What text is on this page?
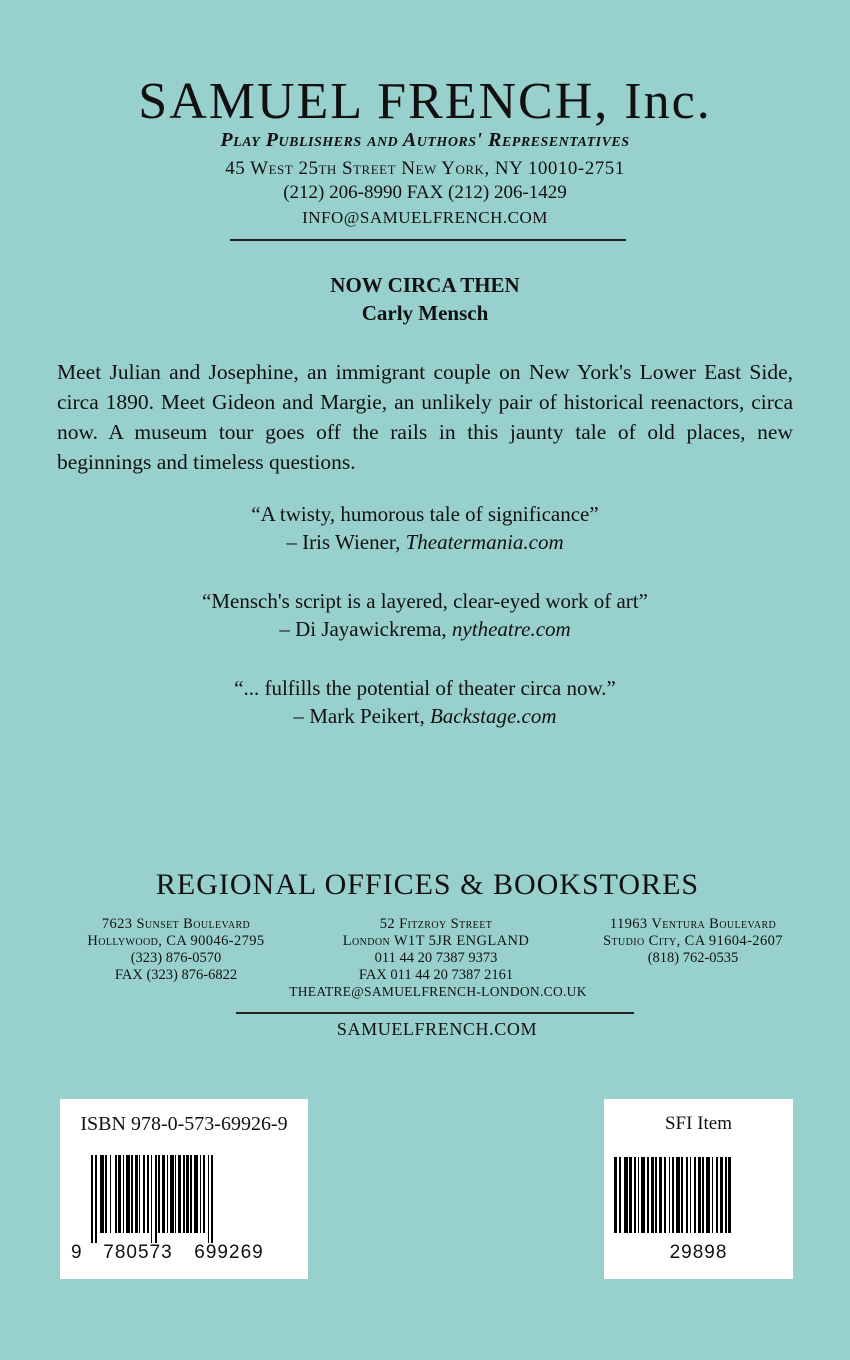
SAMUEL FRENCH, Inc.
Play Publishers and Authors' Representatives
45 West 25th Street New York, NY 10010-2751
(212) 206-8990 FAX (212) 206-1429
INFO@SAMUELFRENCH.COM
NOW CIRCA THEN
Carly Mensch
Meet Julian and Josephine, an immigrant couple on New York's Lower East Side, circa 1890. Meet Gideon and Margie, an unlikely pair of historical reenactors, circa now. A museum tour goes off the rails in this jaunty tale of old places, new beginnings and timeless questions.
“A twisty, humorous tale of significance”
– Iris Wiener, Theatermania.com
“Mensch's script is a layered, clear-eyed work of art”
– Di Jayawickrema, nytheatre.com
“... fulfills the potential of theater circa now.”
– Mark Peikert, Backstage.com
REGIONAL OFFICES & BOOKSTORES
7623 Sunset Boulevard
Hollywood, CA 90046-2795
(323) 876-0570
FAX (323) 876-6822
52 Fitzroy Street
London W1T 5JR ENGLAND
011 44 20 7387 9373
FAX 011 44 20 7387 2161
11963 Ventura Boulevard
Studio City, CA 91604-2607
(818) 762-0535
THEATRE@SAMUELFRENCH-LONDON.CO.UK
SAMUELFRENCH.COM
ISBN 978-0-573-69926-9
9	780573	699269
SFI Item
29898
